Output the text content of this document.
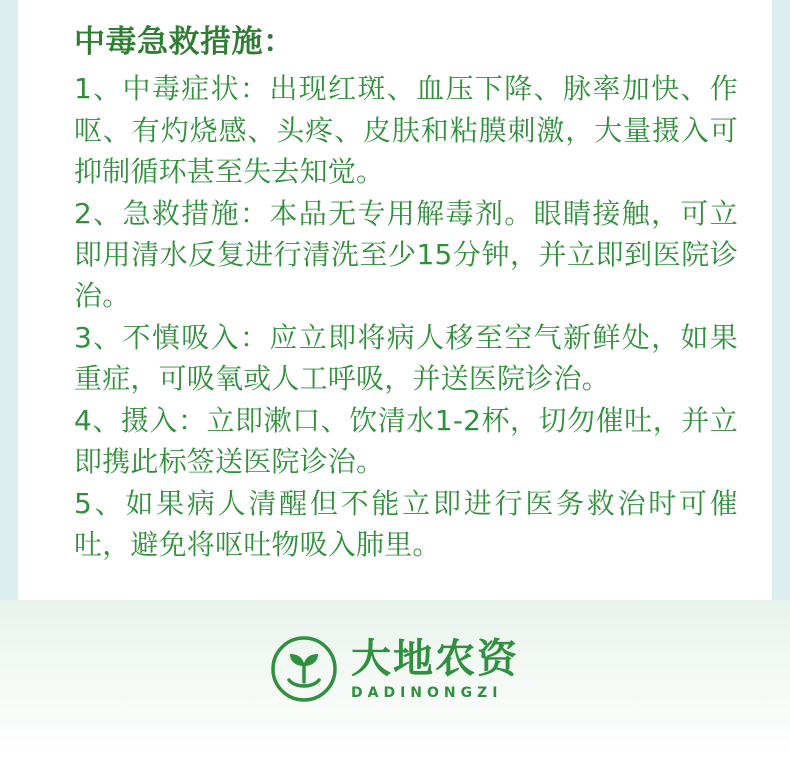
中毒急救措施：

1、中毒症状：出现红斑、血压下降、脉率加快、作呕、有灼烧感、头疼、皮肤和粘膜刺激，大量摄入可抑制循环甚至失去知觉。

2、急救措施：本品无专用解毒剂。眼睛接触，可立即用清水反复进行清洗至少15分钟，并立即到医院诊治。

3、不慎吸入：应立即将病人移至空气新鲜处，如果重症，可吸氧或人工呼吸，并送医院诊治。

4、摄入：立即漱口、饮清水1-2杯，切勿催吐，并立即携此标签送医院诊治。

5、如果病人清醒但不能立即进行医务救治时可催吐，避免将呕吐物吸入肺里。

大地农资
DADINONGZI
